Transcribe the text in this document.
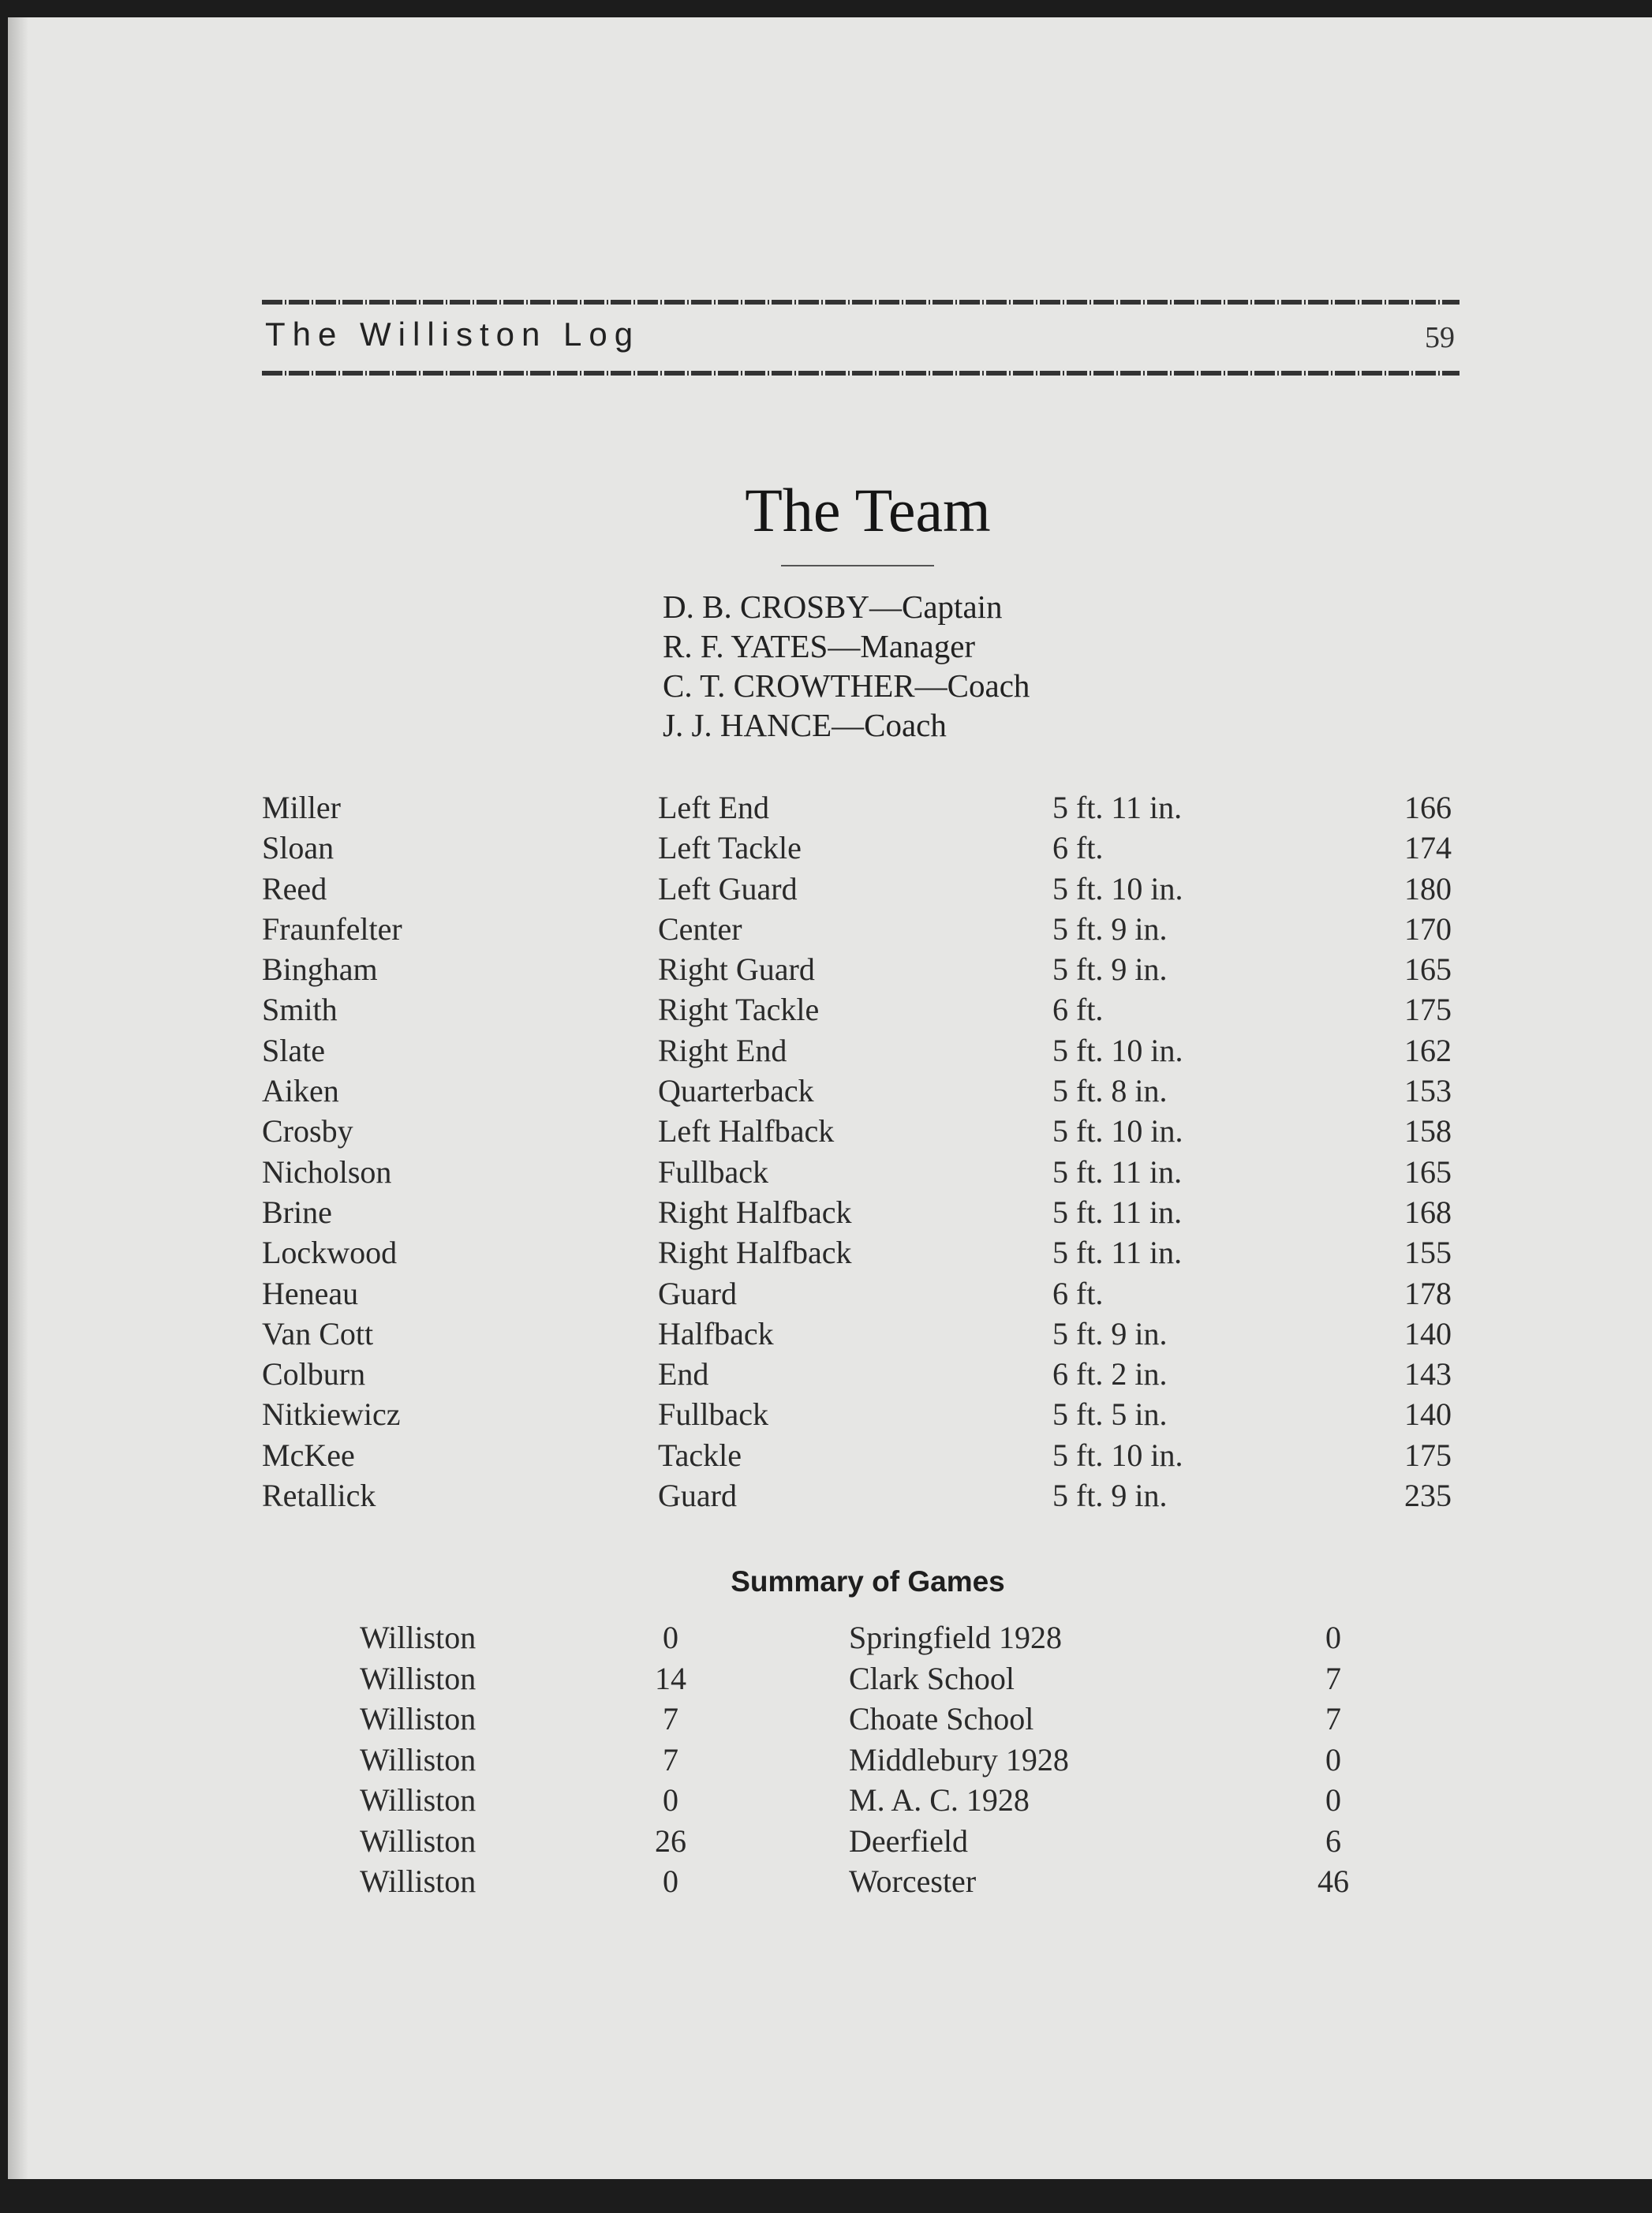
The Williston Log	59
The Team
D. B. CROSBY—Captain
R. F. YATES—Manager
C. T. CROWTHER—Coach
J. J. HANCE—Coach
Miller	Left End	5 ft. 11 in.	166
Sloan	Left Tackle	6 ft.	174
Reed	Left Guard	5 ft. 10 in.	180
Fraunfelter	Center	5 ft. 9 in.	170
Bingham	Right Guard	5 ft. 9 in.	165
Smith	Right Tackle	6 ft.	175
Slate	Right End	5 ft. 10 in.	162
Aiken	Quarterback	5 ft. 8 in.	153
Crosby	Left Halfback	5 ft. 10 in.	158
Nicholson	Fullback	5 ft. 11 in.	165
Brine	Right Halfback	5 ft. 11 in.	168
Lockwood	Right Halfback	5 ft. 11 in.	155
Heneau	Guard	6 ft.	178
Van Cott	Halfback	5 ft. 9 in.	140
Colburn	End	6 ft. 2 in.	143
Nitkiewicz	Fullback	5 ft. 5 in.	140
McKee	Tackle	5 ft. 10 in.	175
Retallick	Guard	5 ft. 9 in.	235
Summary of Games
Williston	0	Springfield 1928	0
Williston	14	Clark School	7
Williston	7	Choate School	7
Williston	7	Middlebury 1928	0
Williston	0	M. A. C. 1928	0
Williston	26	Deerfield	6
Williston	0	Worcester	46
